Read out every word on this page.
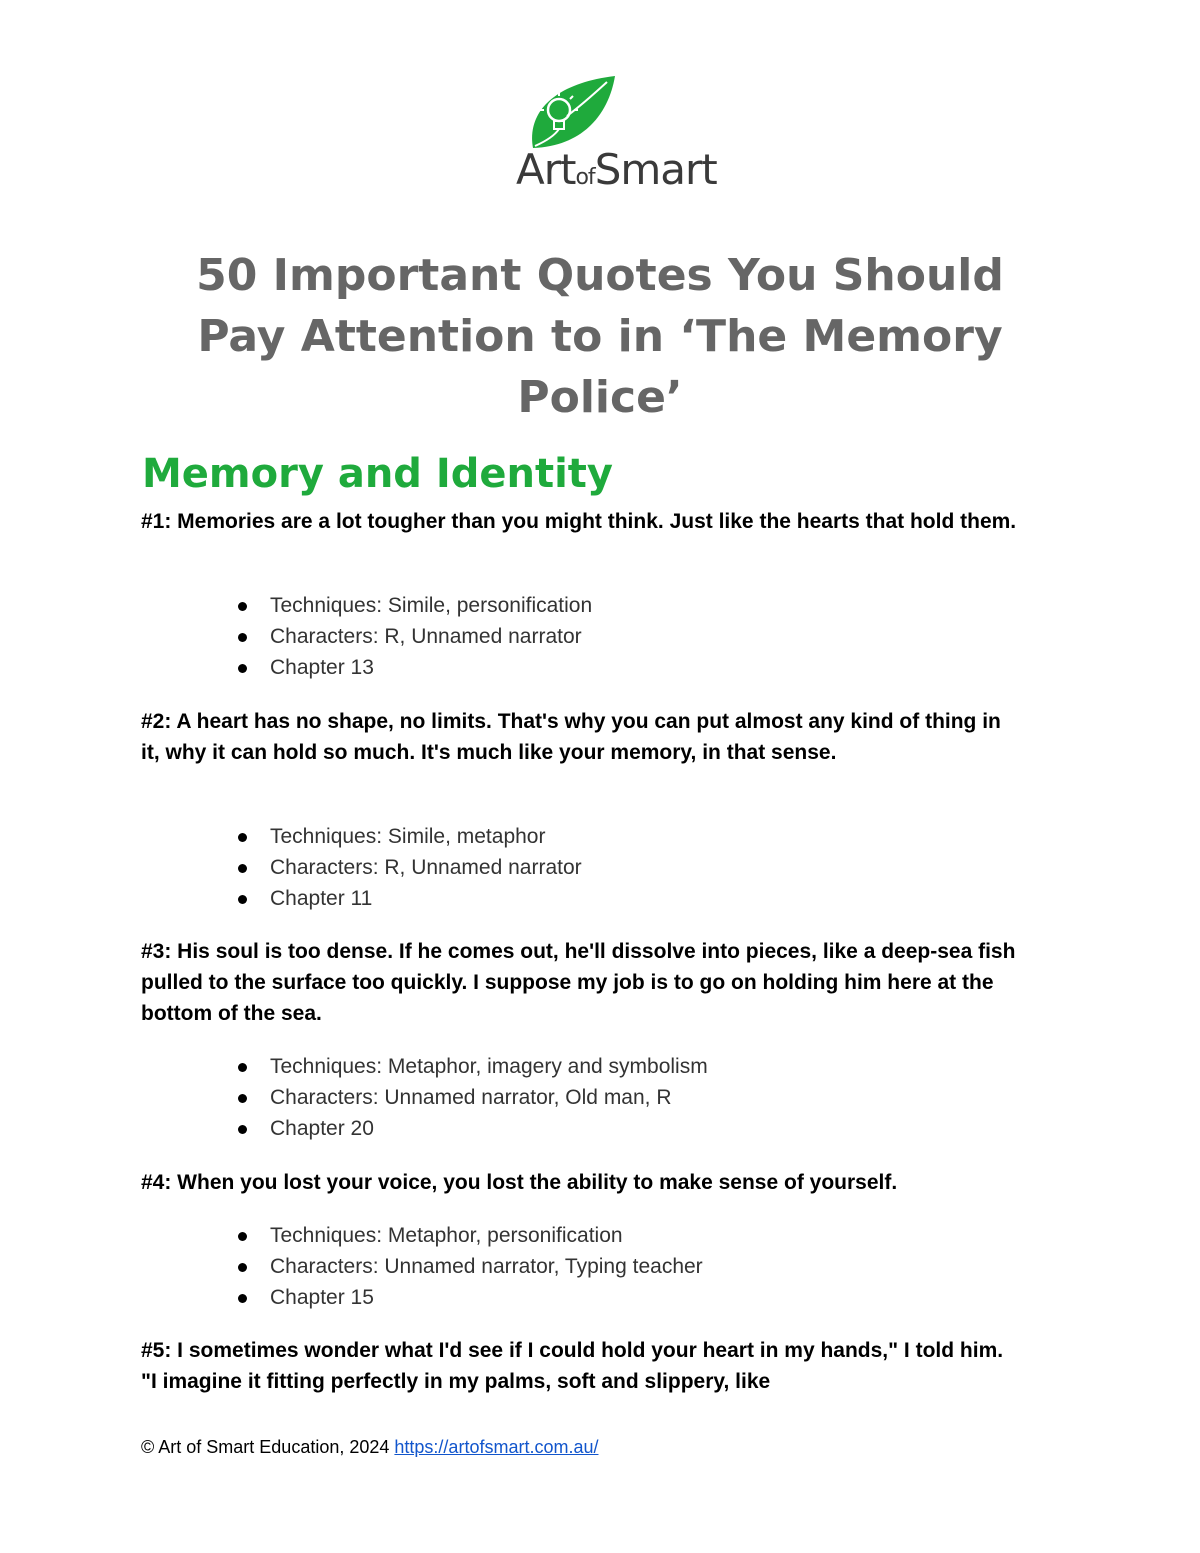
ArtofSmart
50 Important Quotes You Should Pay Attention to in ‘The Memory Police’
Memory and Identity
#1: Memories are a lot tougher than you might think. Just like the hearts that hold them.
Techniques: Simile, personification
Characters: R, Unnamed narrator
Chapter 13
#2: A heart has no shape, no limits. That's why you can put almost any kind of thing in it, why it can hold so much. It's much like your memory, in that sense.
Techniques: Simile, metaphor
Characters: R, Unnamed narrator
Chapter 11
#3: His soul is too dense. If he comes out, he'll dissolve into pieces, like a deep-sea fish pulled to the surface too quickly. I suppose my job is to go on holding him here at the bottom of the sea.
Techniques: Metaphor, imagery and symbolism
Characters: Unnamed narrator, Old man, R
Chapter 20
#4: When you lost your voice, you lost the ability to make sense of yourself.
Techniques: Metaphor, personification
Characters: Unnamed narrator, Typing teacher
Chapter 15
#5: I sometimes wonder what I'd see if I could hold your heart in my hands," I told him. "I imagine it fitting perfectly in my palms, soft and slippery, like
© Art of Smart Education, 2024 https://artofsmart.com.au/
